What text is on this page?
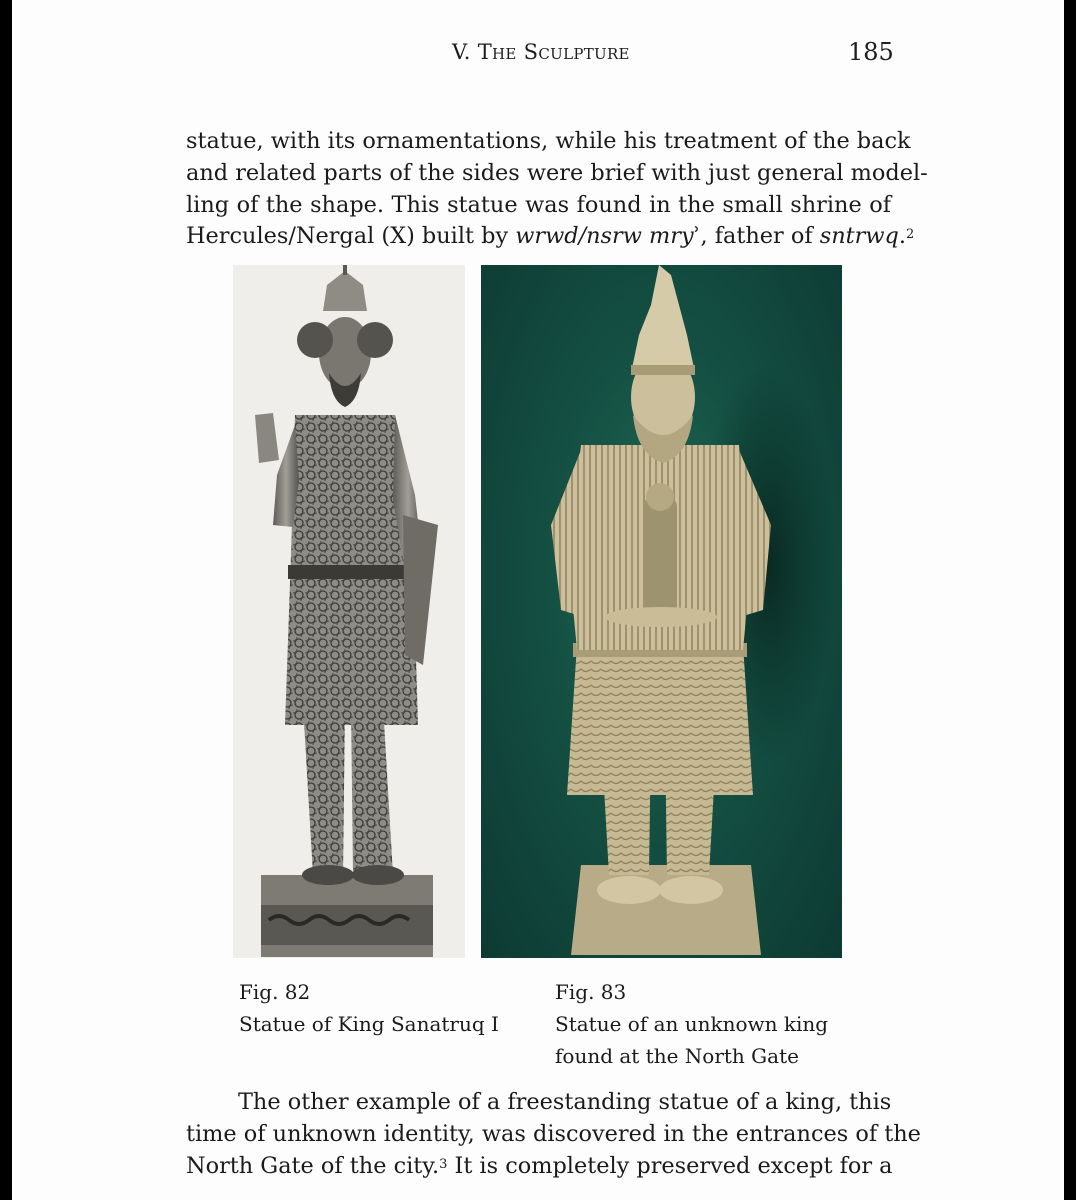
V. The Sculpture	185
statue, with its ornamentations, while his treatment of the back
and related parts of the sides were brief with just general model-
ling of the shape. This statue was found in the small shrine of
Hercules/Nergal (X) built by wrwd/nsrw mryʾ, father of sntrwq.$^2$
Fig. 82
Statue of King Sanatruq I
Fig. 83
Statue of an unknown king
found at the North Gate
The other example of a freestanding statue of a king, this
time of unknown identity, was discovered in the entrances of the
North Gate of the city.$^3$ It is completely preserved except for a
